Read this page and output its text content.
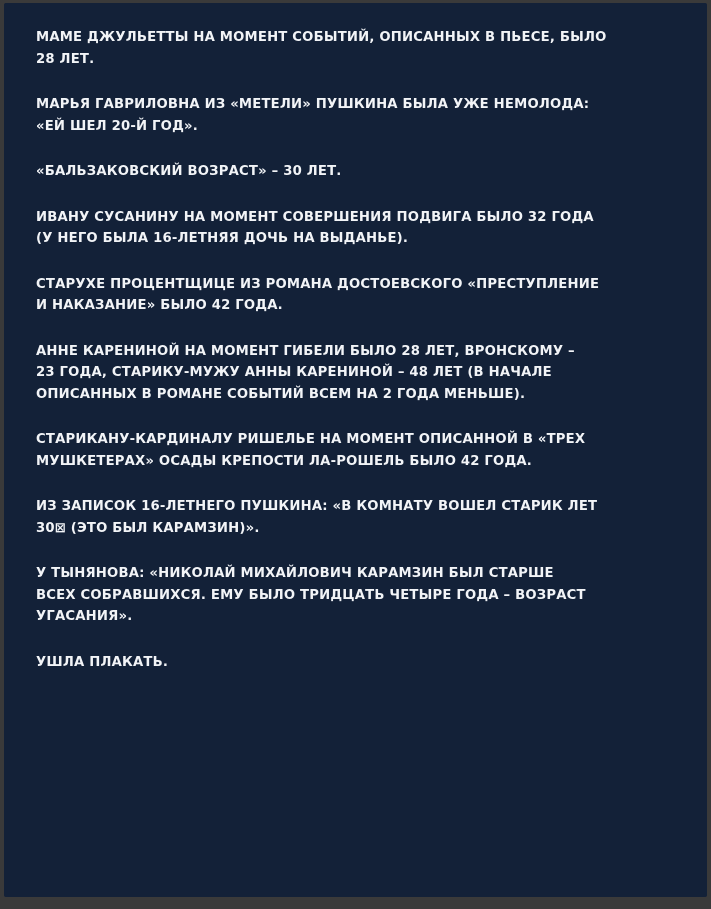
МАМЕ ДЖУЛЬЕТТЫ НА МОМЕНТ СОБЫТИЙ, ОПИСАННЫХ В ПЬЕСЕ, БЫЛО
28 ЛЕТ.

МАРЬЯ ГАВРИЛОВНА ИЗ «МЕТЕЛИ» ПУШКИНА БЫЛА УЖЕ НЕМОЛОДА:
«ЕЙ ШЕЛ 20-Й ГОД».

«БАЛЬЗАКОВСКИЙ ВОЗРАСТ» – 30 ЛЕТ.

ИВАНУ СУСАНИНУ НА МОМЕНТ СОВЕРШЕНИЯ ПОДВИГА БЫЛО 32 ГОДА
(У НЕГО БЫЛА 16-ЛЕТНЯЯ ДОЧЬ НА ВЫДАНЬЕ).

СТАРУХЕ ПРОЦЕНТЩИЦЕ ИЗ РОМАНА ДОСТОЕВСКОГО «ПРЕСТУПЛЕНИЕ
И НАКАЗАНИЕ» БЫЛО 42 ГОДА.

АННЕ КАРЕНИНОЙ НА МОМЕНТ ГИБЕЛИ БЫЛО 28 ЛЕТ, ВРОНСКОМУ –
23 ГОДА, СТАРИКУ-МУЖУ АННЫ КАРЕНИНОЙ – 48 ЛЕТ (В НАЧАЛЕ
ОПИСАННЫХ В РОМАНЕ СОБЫТИЙ ВСЕМ НА 2 ГОДА МЕНЬШЕ).

СТАРИКАНУ-КАРДИНАЛУ РИШЕЛЬЕ НА МОМЕНТ ОПИСАННОЙ В «ТРЕХ
МУШКЕТЕРАХ» ОСАДЫ КРЕПОСТИ ЛА-РОШЕЛЬ БЫЛО 42 ГОДА.

ИЗ ЗАПИСОК 16-ЛЕТНЕГО ПУШКИНА: «В КОМНАТУ ВОШЕЛ СТАРИК ЛЕТ
30⊠ (ЭТО БЫЛ КАРАМЗИН)».

У ТЫНЯНОВА: «НИКОЛАЙ МИХАЙЛОВИЧ КАРАМЗИН БЫЛ СТАРШЕ
ВСЕХ СОБРАВШИХСЯ. ЕМУ БЫЛО ТРИДЦАТЬ ЧЕТЫРЕ ГОДА – ВОЗРАСТ
УГАСАНИЯ».

УШЛА ПЛАКАТЬ.
